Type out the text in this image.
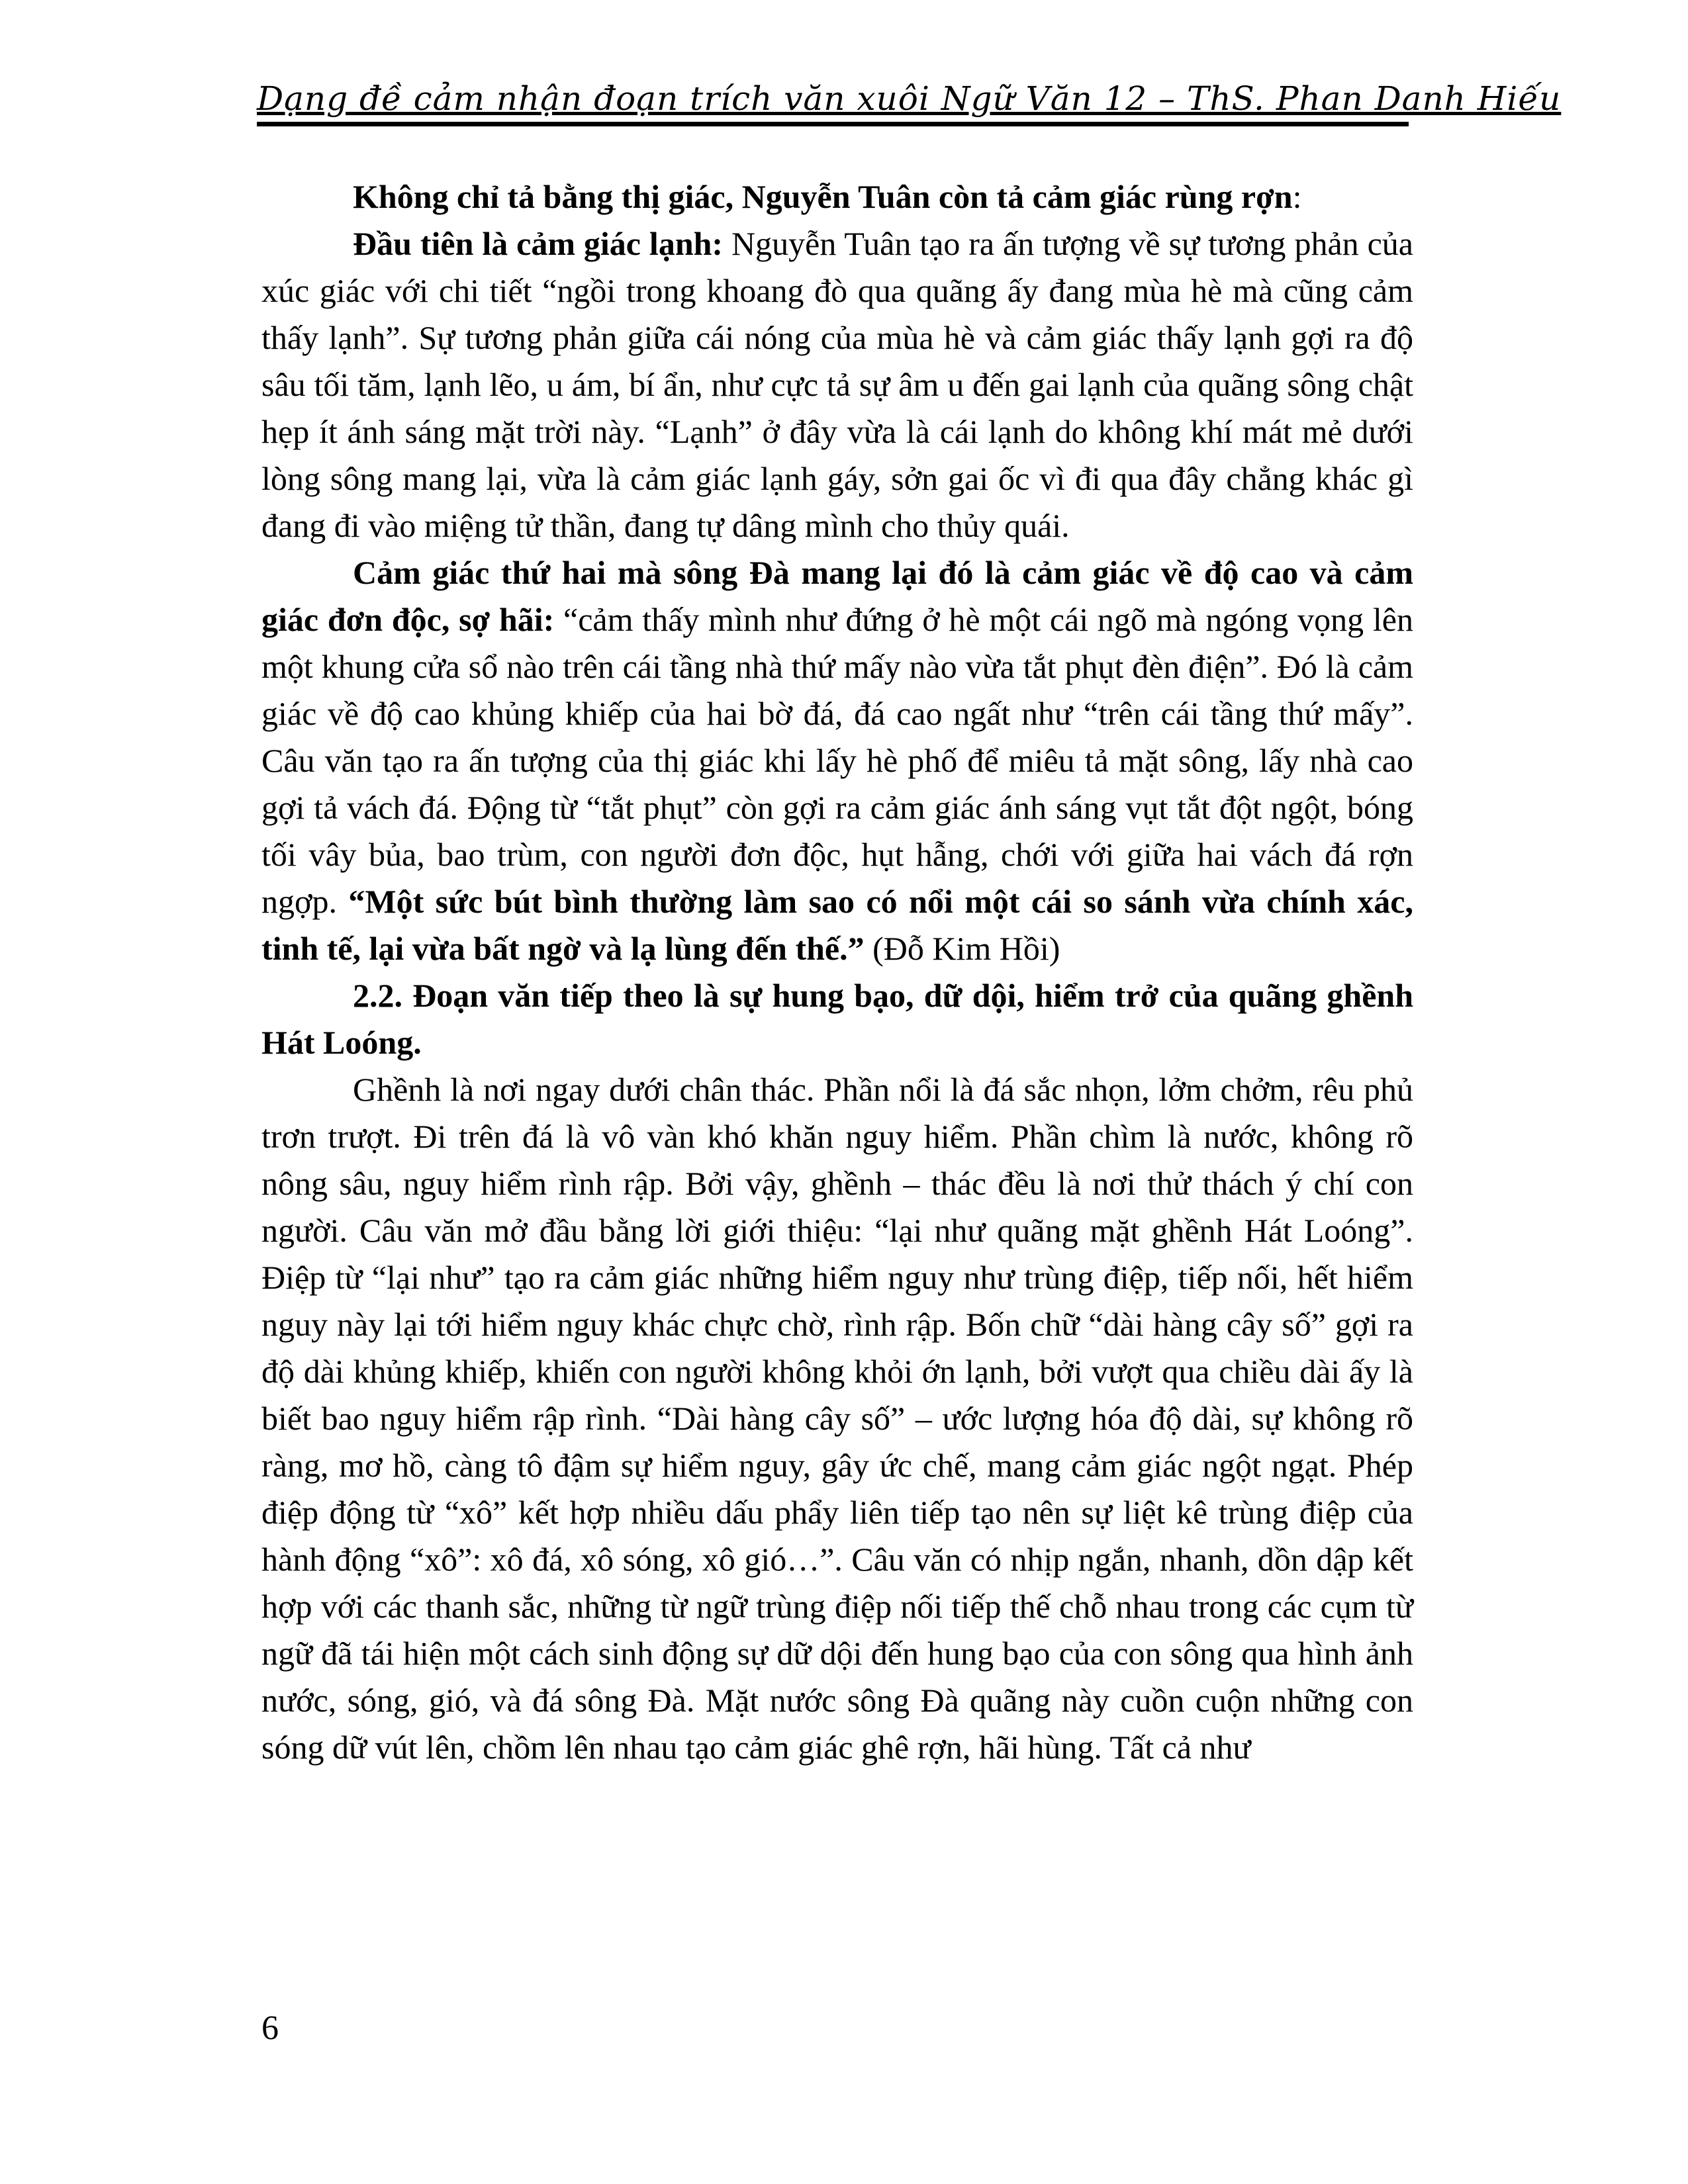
Dạng đề cảm nhận đoạn trích văn xuôi Ngữ Văn 12 – ThS. Phan Danh Hiếu

Không chỉ tả bằng thị giác, Nguyễn Tuân còn tả cảm giác rùng rợn:

Đầu tiên là cảm giác lạnh: Nguyễn Tuân tạo ra ấn tượng về sự tương phản của xúc giác với chi tiết “ngồi trong khoang đò qua quãng ấy đang mùa hè mà cũng cảm thấy lạnh”. Sự tương phản giữa cái nóng của mùa hè và cảm giác thấy lạnh gợi ra độ sâu tối tăm, lạnh lẽo, u ám, bí ẩn, như cực tả sự âm u đến gai lạnh của quãng sông chật hẹp ít ánh sáng mặt trời này. “Lạnh” ở đây vừa là cái lạnh do không khí mát mẻ dưới lòng sông mang lại, vừa là cảm giác lạnh gáy, sởn gai ốc vì đi qua đây chẳng khác gì đang đi vào miệng tử thần, đang tự dâng mình cho thủy quái.

Cảm giác thứ hai mà sông Đà mang lại đó là cảm giác về độ cao và cảm giác đơn độc, sợ hãi: “cảm thấy mình như đứng ở hè một cái ngõ mà ngóng vọng lên một khung cửa sổ nào trên cái tầng nhà thứ mấy nào vừa tắt phụt đèn điện”. Đó là cảm giác về độ cao khủng khiếp của hai bờ đá, đá cao ngất như “trên cái tầng thứ mấy”. Câu văn tạo ra ấn tượng của thị giác khi lấy hè phố để miêu tả mặt sông, lấy nhà cao gợi tả vách đá. Động từ “tắt phụt” còn gợi ra cảm giác ánh sáng vụt tắt đột ngột, bóng tối vây bủa, bao trùm, con người đơn độc, hụt hẫng, chới với giữa hai vách đá rợn ngợp. “Một sức bút bình thường làm sao có nổi một cái so sánh vừa chính xác, tinh tế, lại vừa bất ngờ và lạ lùng đến thế.” (Đỗ Kim Hồi)

2.2. Đoạn văn tiếp theo là sự hung bạo, dữ dội, hiểm trở của quãng ghềnh Hát Loóng.

Ghềnh là nơi ngay dưới chân thác. Phần nổi là đá sắc nhọn, lởm chởm, rêu phủ trơn trượt. Đi trên đá là vô vàn khó khăn nguy hiểm. Phần chìm là nước, không rõ nông sâu, nguy hiểm rình rập. Bởi vậy, ghềnh – thác đều là nơi thử thách ý chí con người. Câu văn mở đầu bằng lời giới thiệu: “lại như quãng mặt ghềnh Hát Loóng”. Điệp từ “lại như” tạo ra cảm giác những hiểm nguy như trùng điệp, tiếp nối, hết hiểm nguy này lại tới hiểm nguy khác chực chờ, rình rập. Bốn chữ “dài hàng cây số” gợi ra độ dài khủng khiếp, khiến con người không khỏi ớn lạnh, bởi vượt qua chiều dài ấy là biết bao nguy hiểm rập rình. “Dài hàng cây số” – ước lượng hóa độ dài, sự không rõ ràng, mơ hồ, càng tô đậm sự hiểm nguy, gây ức chế, mang cảm giác ngột ngạt. Phép điệp động từ “xô” kết hợp nhiều dấu phẩy liên tiếp tạo nên sự liệt kê trùng điệp của hành động “xô”: xô đá, xô sóng, xô gió…”. Câu văn có nhịp ngắn, nhanh, dồn dập kết hợp với các thanh sắc, những từ ngữ trùng điệp nối tiếp thế chỗ nhau trong các cụm từ ngữ đã tái hiện một cách sinh động sự dữ dội đến hung bạo của con sông qua hình ảnh nước, sóng, gió, và đá sông Đà. Mặt nước sông Đà quãng này cuồn cuộn những con sóng dữ vút lên, chồm lên nhau tạo cảm giác ghê rợn, hãi hùng. Tất cả như

6
